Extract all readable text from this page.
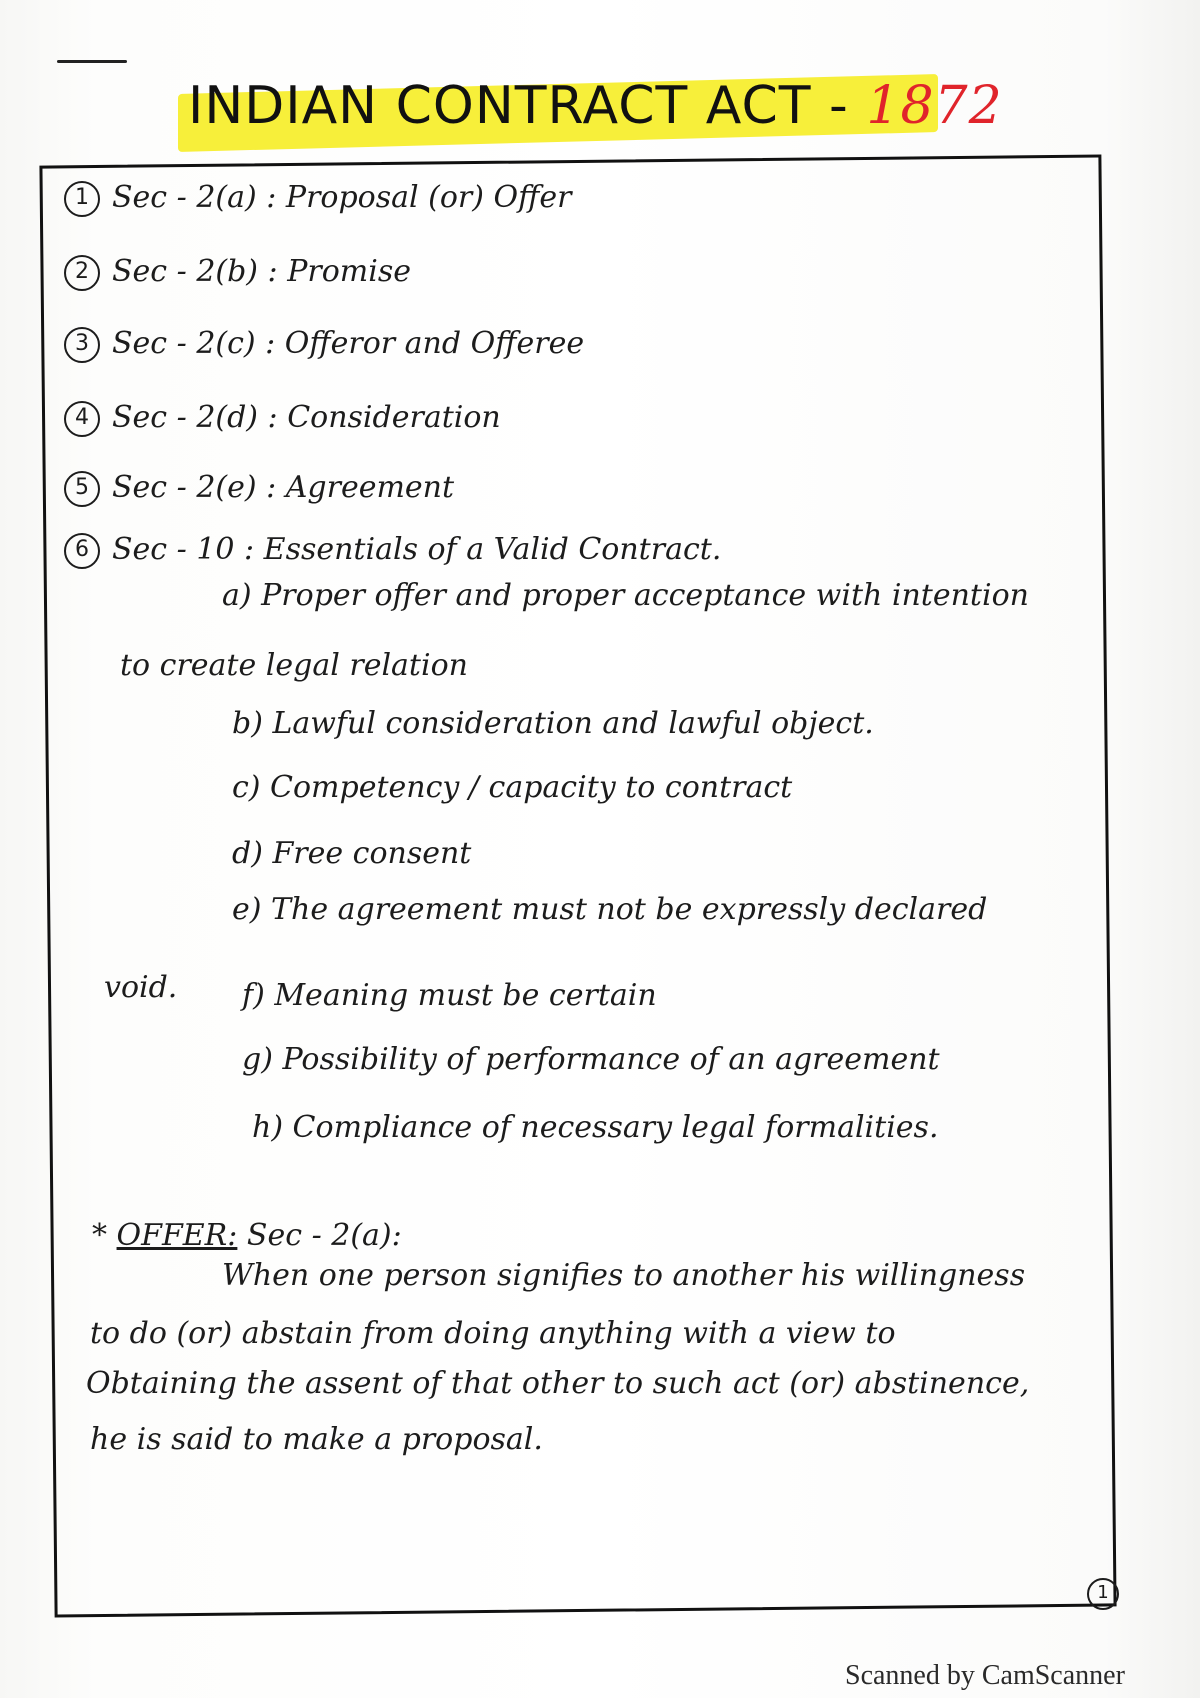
INDIAN CONTRACT ACT - 1872

1 Sec - 2(a) : Proposal (or) Offer

2 Sec - 2(b) : Promise

3 Sec - 2(c) : Offeror and Offeree

4 Sec - 2(d) : Consideration

5 Sec - 2(e) : Agreement

6 Sec - 10 : Essentials of a Valid Contract.

a) Proper offer and proper acceptance with intention

to create legal relation

b) Lawful consideration and lawful object.

c) Competency / capacity to contract

d) Free consent

e) The agreement must not be expressly declared

void. f) Meaning must be certain

g) Possibility of performance of an agreement

h) Compliance of necessary legal formalities.

* OFFER: Sec - 2(a):

When one person signifies to another his willingness

to do (or) abstain from doing anything with a view to

Obtaining the assent of that other to such act (or) abstinence,

he is said to make a proposal.

1
Scanned by CamScanner
